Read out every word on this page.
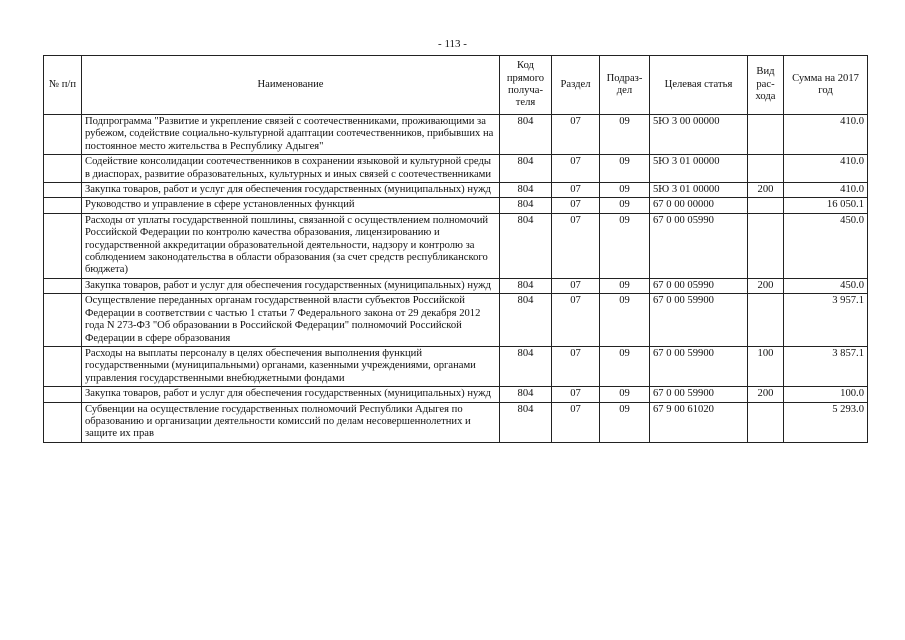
- 113 -
№ п/п	Наименование	Код прямого получа-теля	Раздел	Подраз-дел	Целевая статья	Вид рас-хода	Сумма на 2017 год
	Подпрограмма "Развитие и укрепление связей с соотечественниками, проживающими за рубежом, содействие социально-культурной адаптации соотечественников, прибывших на постоянное место жительства в Республику Адыгея"	804	07	09	5Ю 3 00 00000		410.0
	Содействие консолидации соотечественников в сохранении языковой и культурной среды в диаспорах, развитие образовательных, культурных и иных связей с соотечественниками	804	07	09	5Ю 3 01 00000		410.0
	Закупка товаров, работ и услуг для обеспечения государственных (муниципальных) нужд	804	07	09	5Ю 3 01 00000	200	410.0
	Руководство и управление в сфере установленных функций	804	07	09	67 0 00 00000		16 050.1
	Расходы от уплаты государственной пошлины, связанной с осуществлением полномочий Российской Федерации по контролю качества образования, лицензированию и государственной аккредитации образовательной деятельности, надзору и контролю за соблюдением законодательства в области образования (за счет средств республиканского бюджета)	804	07	09	67 0 00 05990		450.0
	Закупка товаров, работ и услуг для обеспечения государственных (муниципальных) нужд	804	07	09	67 0 00 05990	200	450.0
	Осуществление переданных органам государственной власти субъектов Российской Федерации в соответствии с частью 1 статьи 7 Федерального закона от 29 декабря 2012 года N 273-ФЗ "Об образовании в Российской Федерации" полномочий Российской Федерации в сфере образования	804	07	09	67 0 00 59900		3 957.1
	Расходы на выплаты персоналу в целях обеспечения выполнения функций государственными (муниципальными) органами, казенными учреждениями, органами управления государственными внебюджетными фондами	804	07	09	67 0 00 59900	100	3 857.1
	Закупка товаров, работ и услуг для обеспечения государственных (муниципальных) нужд	804	07	09	67 0 00 59900	200	100.0
	Субвенции на осуществление государственных полномочий Республики Адыгея по образованию и организации деятельности комиссий по делам несовершеннолетних и защите их прав	804	07	09	67 9 00 61020		5 293.0
